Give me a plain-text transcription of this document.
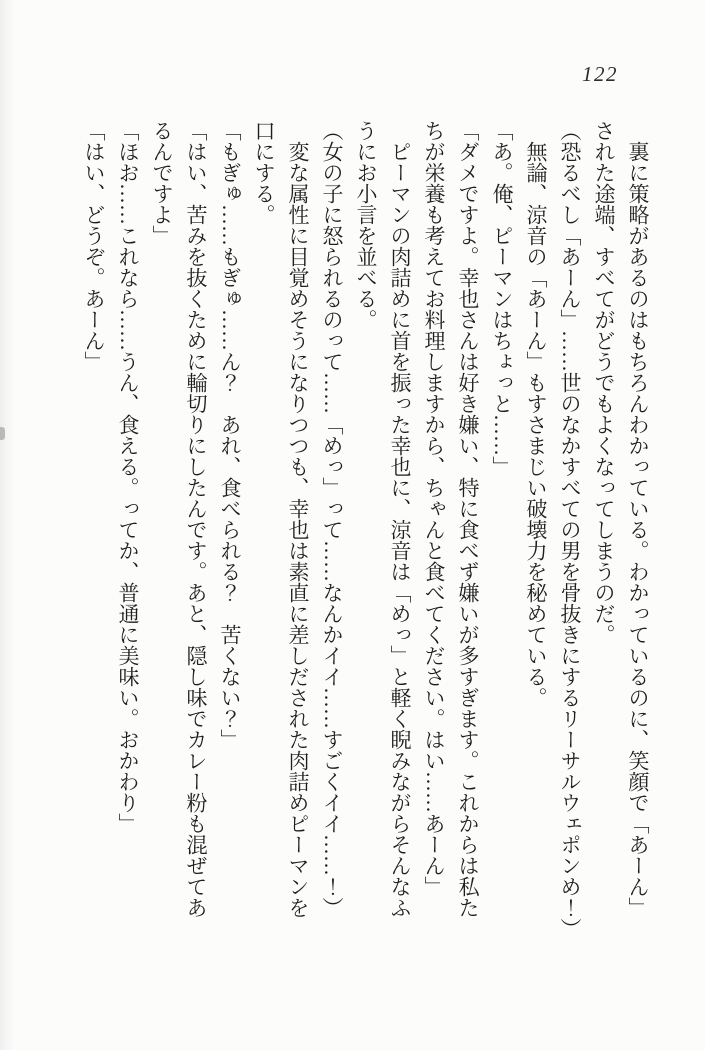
122

　裏に策略があるのはもちろんわかっている。わかっているのに、笑顔で「あーん」

された途端、すべてがどうでもよくなってしまうのだ。

（恐るべし「あーん」……世のなかすべての男を骨抜きにするリーサルウェポンめ！）

　無論、涼音の「あーん」もすさまじい破壊力を秘めている。

「あ。俺、ピーマンはちょっと……」

「ダメですよ。幸也さんは好き嫌い、特に食べず嫌いが多すぎます。これからは私た

ちが栄養も考えてお料理しますから、ちゃんと食べてください。はい……あーん」

　ピーマンの肉詰めに首を振った幸也に、涼音は「めっ」と軽く睨みながらそんなふ

うにお小言を並べる。

（女の子に怒られるのって……「めっ」って……なんかイイ……すごくイイ……！）

　変な属性に目覚めそうになりつつも、幸也は素直に差しだされた肉詰めピーマンを

口にする。

「もぎゅ……もぎゅ……ん？　あれ、食べられる？　苦くない？」

「はい、苦みを抜くために輪切りにしたんです。あと、隠し味でカレー粉も混ぜてあ

るんですよ」

「ほお……これなら……うん、食える。ってか、普通に美味い。おかわり」

「はい、どうぞ。あーん」
